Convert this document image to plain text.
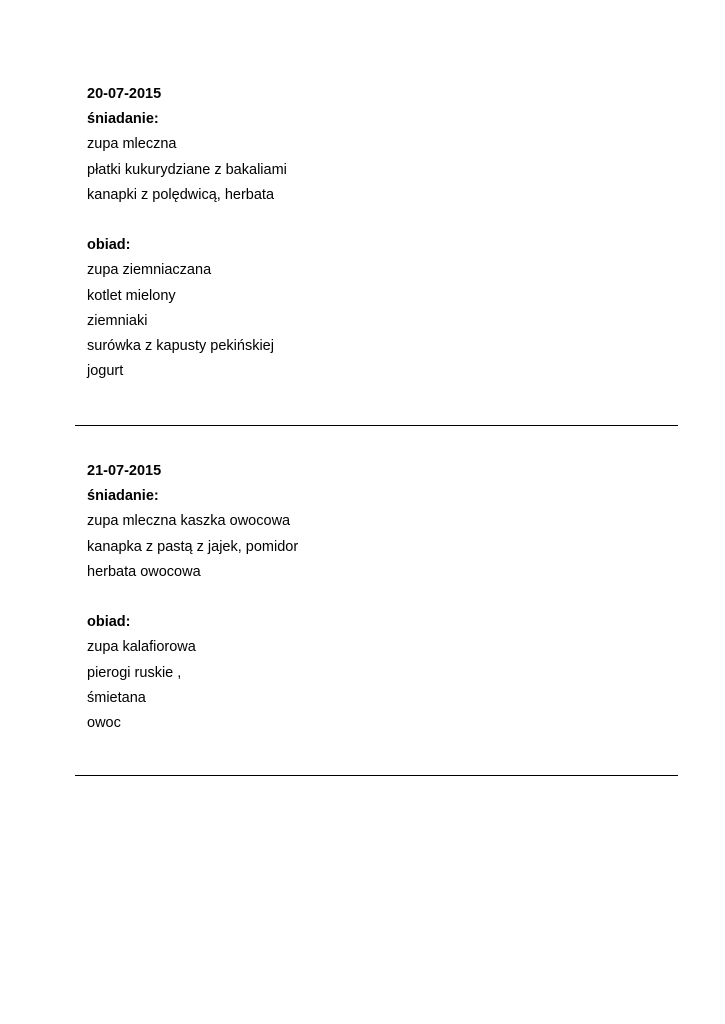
20-07-2015
śniadanie:
zupa mleczna
płatki kukurydziane z bakaliami
kanapki z polędwicą, herbata
obiad:
zupa ziemniaczana
kotlet mielony
ziemniaki
surówka z kapusty pekińskiej
jogurt
21-07-2015
śniadanie:
zupa mleczna kaszka owocowa
kanapka z pastą z jajek, pomidor
herbata owocowa
obiad:
zupa kalafiorowa
pierogi ruskie ,
śmietana
owoc
